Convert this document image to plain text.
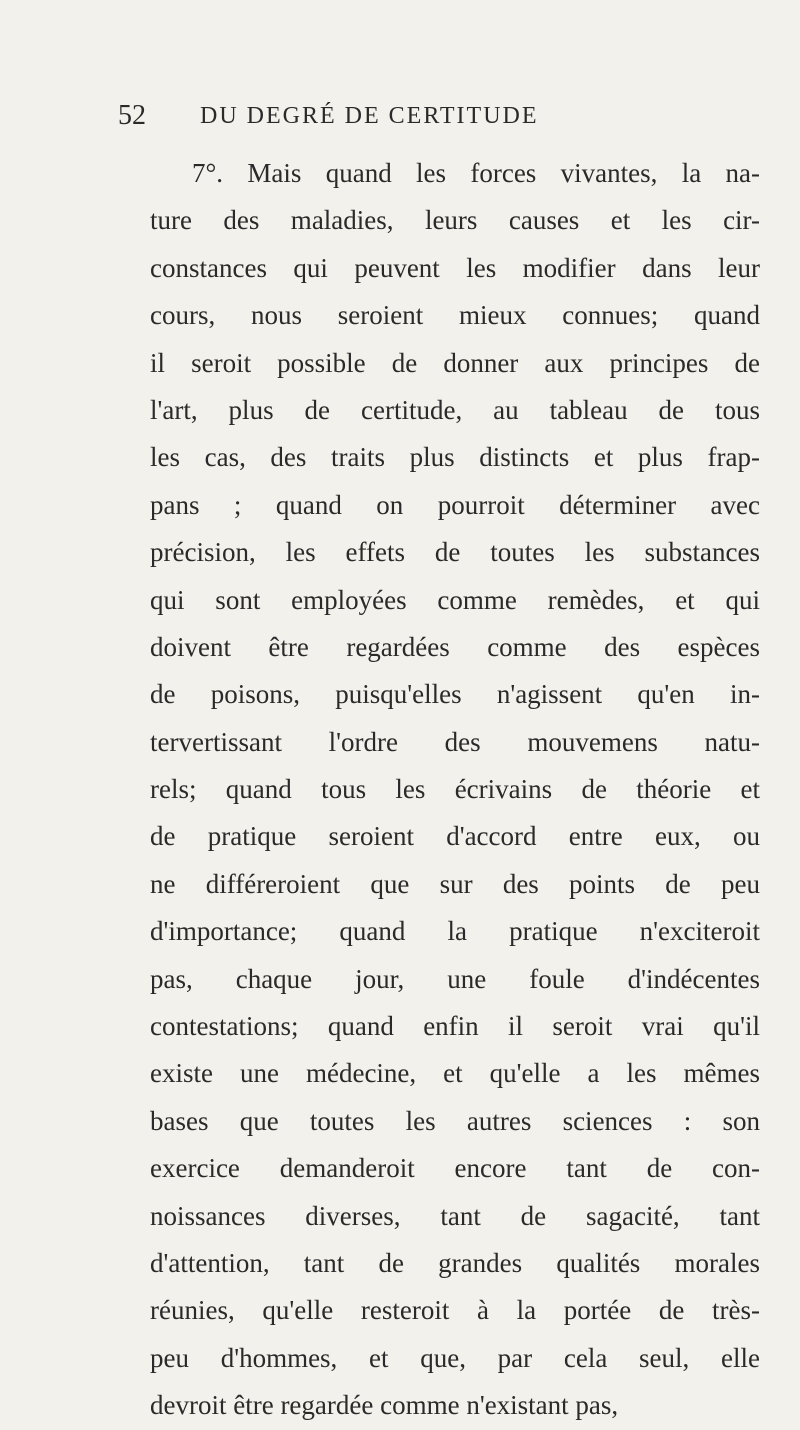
52 DU DEGRÉ DE CERTITUDE
7°. Mais quand les forces vivantes, la na-
ture des maladies, leurs causes et les cir-
constances qui peuvent les modifier dans leur
cours, nous seroient mieux connues; quand
il seroit possible de donner aux principes de
l'art, plus de certitude, au tableau de tous
les cas, des traits plus distincts et plus frap-
pans ; quand on pourroit déterminer avec
précision, les effets de toutes les substances
qui sont employées comme remèdes, et qui
doivent être regardées comme des espèces
de poisons, puisqu'elles n'agissent qu'en in-
tervertissant l'ordre des mouvemens natu-
rels; quand tous les écrivains de théorie et
de pratique seroient d'accord entre eux, ou
ne différeroient que sur des points de peu
d'importance; quand la pratique n'exciteroit
pas, chaque jour, une foule d'indécentes
contestations; quand enfin il seroit vrai qu'il
existe une médecine, et qu'elle a les mêmes
bases que toutes les autres sciences : son
exercice demanderoit encore tant de con-
noissances diverses, tant de sagacité, tant
d'attention, tant de grandes qualités morales
réunies, qu'elle resteroit à la portée de très-
peu d'hommes, et que, par cela seul, elle
devroit être regardée comme n'existant pas,
